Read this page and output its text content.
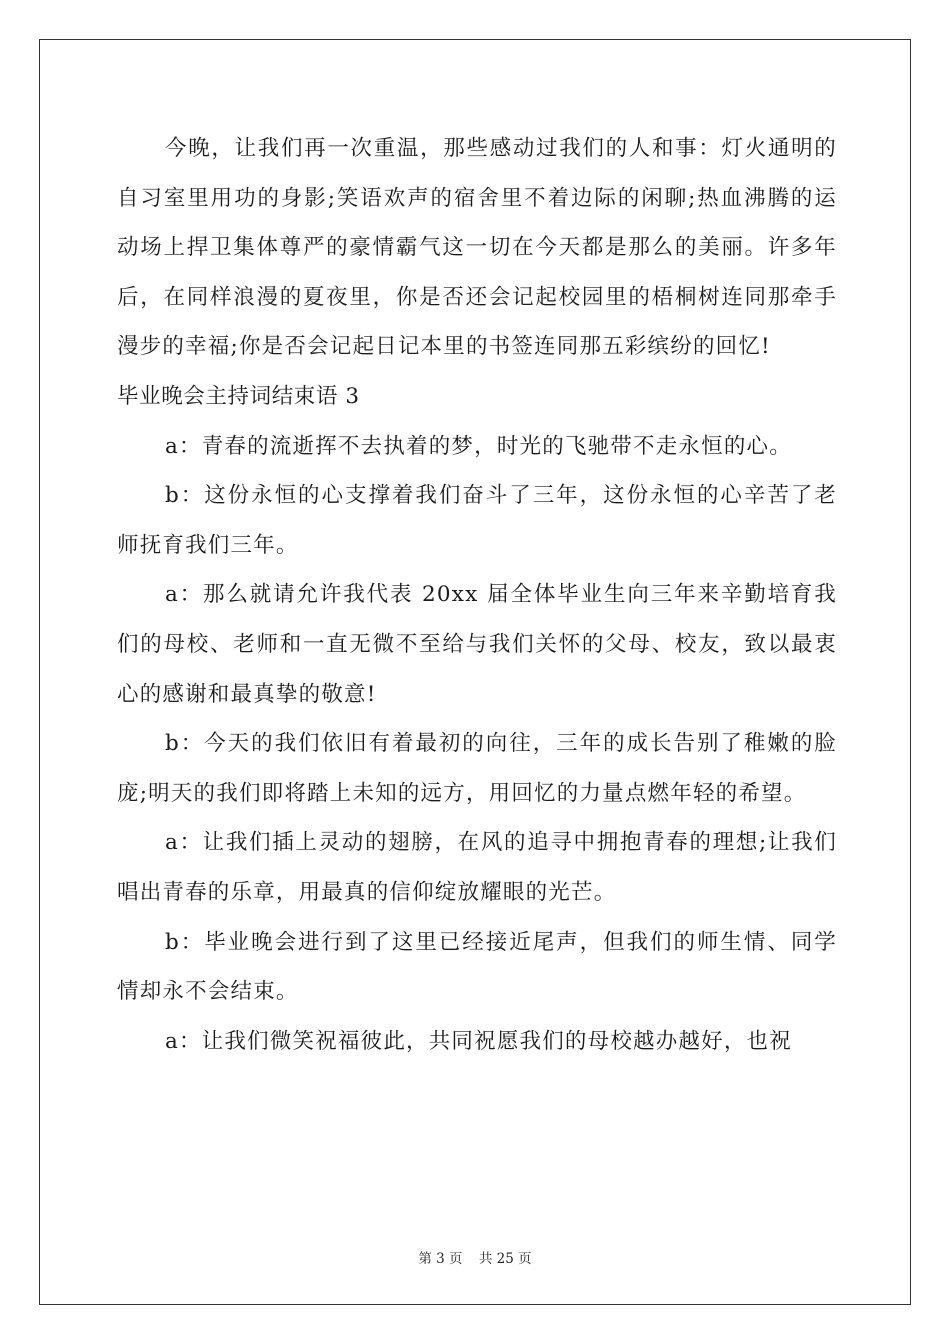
今晚，让我们再一次重温，那些感动过我们的人和事：灯火通明的自习室里用功的身影;笑语欢声的宿舍里不着边际的闲聊;热血沸腾的运动场上捍卫集体尊严的豪情霸气这一切在今天都是那么的美丽。许多年后，在同样浪漫的夏夜里，你是否还会记起校园里的梧桐树连同那牵手漫步的幸福;你是否会记起日记本里的书签连同那五彩缤纷的回忆!

毕业晚会主持词结束语 3

a：青春的流逝挥不去执着的梦，时光的飞驰带不走永恒的心。

b：这份永恒的心支撑着我们奋斗了三年，这份永恒的心辛苦了老师抚育我们三年。

a：那么就请允许我代表 20xx 届全体毕业生向三年来辛勤培育我们的母校、老师和一直无微不至给与我们关怀的父母、校友，致以最衷心的感谢和最真挚的敬意!

b：今天的我们依旧有着最初的向往，三年的成长告别了稚嫩的脸庞;明天的我们即将踏上未知的远方，用回忆的力量点燃年轻的希望。

a：让我们插上灵动的翅膀，在风的追寻中拥抱青春的理想;让我们唱出青春的乐章，用最真的信仰绽放耀眼的光芒。

b：毕业晚会进行到了这里已经接近尾声，但我们的师生情、同学情却永不会结束。

a：让我们微笑祝福彼此，共同祝愿我们的母校越办越好，也祝

第 3 页 共 25 页
